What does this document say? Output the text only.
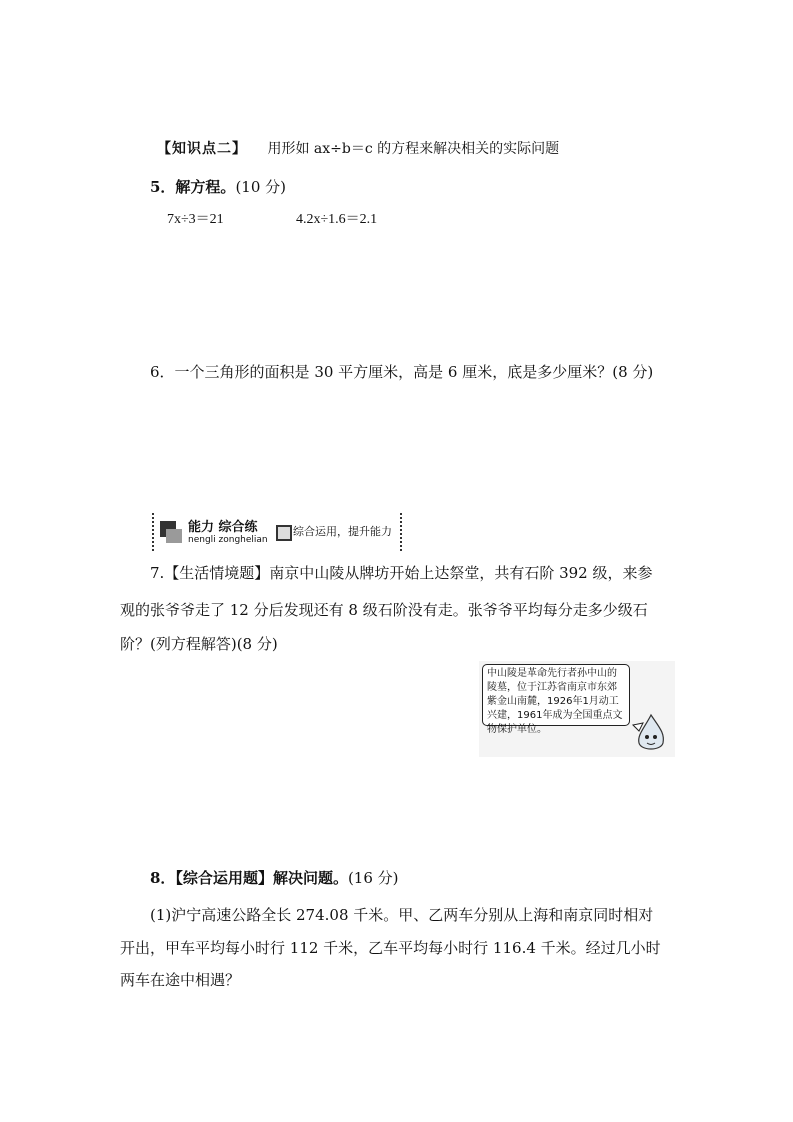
【知识点二】 用形如 ax÷b＝c 的方程来解决相关的实际问题
5．解方程。(10 分)
7x÷3＝21	4.2x÷1.6＝2.1
6．一个三角形的面积是 30 平方厘米，高是 6 厘米，底是多少厘米？(8 分)
能力 综合练
nengli zonghelian
综合运用，提升能力
7.【生活情境题】南京中山陵从牌坊开始上达祭堂，共有石阶 392 级，来参
观的张爷爷走了 12 分后发现还有 8 级石阶没有走。张爷爷平均每分走多少级石
阶？(列方程解答)(8 分)
中山陵是革命先行者孙中山的陵墓，位于江苏省南京市东郊紫金山南麓，1926年1月动工兴建，1961年成为全国重点文物保护单位。
8．【综合运用题】解决问题。(16 分)
(1)沪宁高速公路全长 274.08 千米。甲、乙两车分别从上海和南京同时相对
开出，甲车平均每小时行 112 千米，乙车平均每小时行 116.4 千米。经过几小时
两车在途中相遇？
